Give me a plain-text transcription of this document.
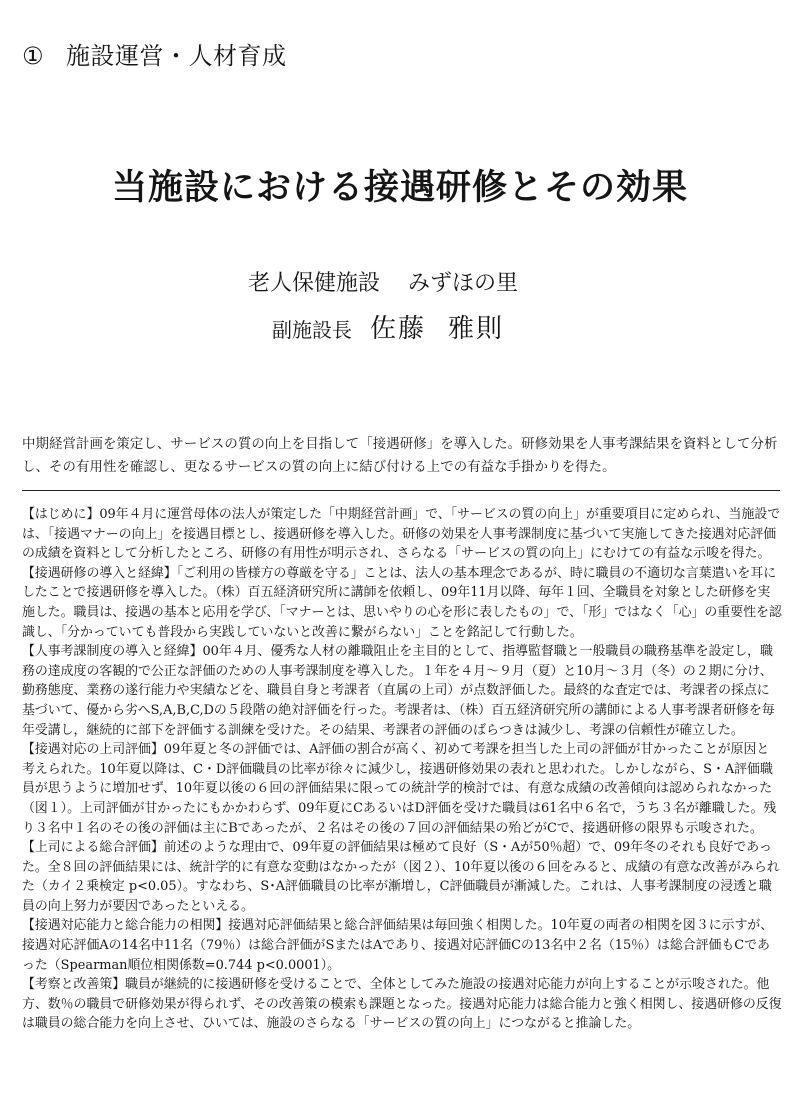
① 施設運営・人材育成
当施設における接遇研修とその効果
老人保健施設 みずほの里
副施設長 佐藤 雅則

中期経営計画を策定し、サービスの質の向上を目指して「接遇研修」を導入した。研修効果を人事考課結果を資料として分析し、その有用性を確認し、更なるサービスの質の向上に結び付ける上での有益な手掛かりを得た。

【はじめに】09年４月に運営母体の法人が策定した「中期経営計画」で、「サービスの質の向上」が重要項目に定められ、当施設では、「接遇マナーの向上」を接遇目標とし、接遇研修を導入した。研修の効果を人事考課制度に基づいて実施してきた接遇対応評価の成績を資料として分析したところ、研修の有用性が明示され、さらなる「サービスの質の向上」にむけての有益な示唆を得た。

【接遇研修の導入と経緯】「ご利用の皆様方の尊厳を守る」ことは、法人の基本理念であるが、時に職員の不適切な言葉遣いを耳にしたことで接遇研修を導入した。（株）百五経済研究所に講師を依頼し、09年11月以降、毎年１回、全職員を対象とした研修を実施した。職員は、接遇の基本と応用を学び、「マナーとは、思いやりの心を形に表したもの」で、「形」ではなく「心」の重要性を認識し、「分かっていても普段から実践していないと改善に繋がらない」ことを銘記して行動した。

【人事考課制度の導入と経緯】00年４月、優秀な人材の離職阻止を主目的として、指導監督職と一般職員の職務基準を設定し，職務の達成度の客観的で公正な評価のための人事考課制度を導入した。１年を４月～９月（夏）と10月～３月（冬）の２期に分け、勤務態度、業務の遂行能力や実績などを、職員自身と考課者（直属の上司）が点数評価した。最終的な査定では、考課者の採点に基づいて、優から劣へS,A,B,C,Dの５段階の絶対評価を行った。考課者は、（株）百五経済研究所の講師による人事考課者研修を毎年受講し，継続的に部下を評価する訓練を受けた。その結果、考課者の評価のばらつきは減少し、考課の信頼性が確立した。

【接遇対応の上司評価】09年夏と冬の評価では、A評価の割合が高く、初めて考課を担当した上司の評価が甘かったことが原因と考えられた。10年夏以降は、C・D評価職員の比率が徐々に減少し，接遇研修効果の表れと思われた。しかしながら、S・A評価職員が思うように増加せず、10年夏以後の６回の評価結果に限っての統計学的検討では、有意な成績の改善傾向は認められなかった（図１）。上司評価が甘かったにもかかわらず、09年夏にCあるいはD評価を受けた職員は61名中６名で，うち３名が離職した。残り３名中１名のその後の評価は主にBであったが、２名はその後の７回の評価結果の殆どがCで、接遇研修の限界も示唆された。

【上司による総合評価】前述のような理由で、09年夏の評価結果は極めて良好（S・Aが50％超）で、09年冬のそれも良好であった。全８回の評価結果には、統計学的に有意な変動はなかったが（図２）、10年夏以後の６回をみると、成績の有意な改善がみられた（カイ２乗検定 p<0.05）。すなわち、S･A評価職員の比率が漸増し，C評価職員が漸減した。これは、人事考課制度の浸透と職員の向上努力が要因であったといえる。

【接遇対応能力と総合能力の相関】接遇対応評価結果と総合評価結果は毎回強く相関した。10年夏の両者の相関を図３に示すが、接遇対応評価Aの14名中11名（79％）は総合評価がSまたはAであり、接遇対応評価Cの13名中２名（15％）は総合評価もCであった（Spearman順位相関係数=0.744 p<0.0001）。

【考察と改善策】職員が継続的に接遇研修を受けることで、全体としてみた施設の接遇対応能力が向上することが示唆された。他方、数％の職員で研修効果が得られず、その改善策の模索も課題となった。接遇対応能力は総合能力と強く相関し、接遇研修の反復は職員の総合能力を向上させ、ひいては、施設のさらなる「サービスの質の向上」につながると推論した。
